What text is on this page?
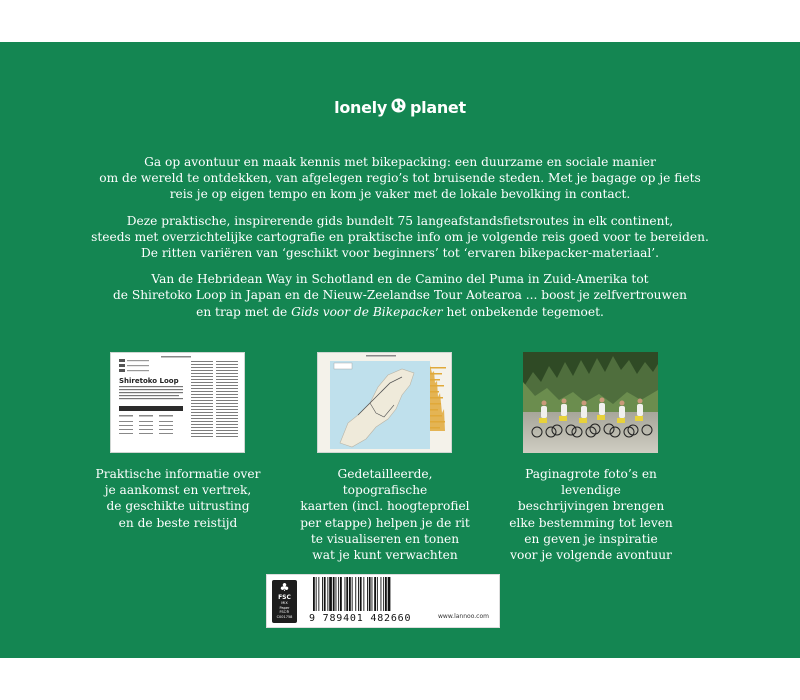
lonely planet

Ga op avontuur en maak kennis met bikepacking: een duurzame en sociale manier
om de wereld te ontdekken, van afgelegen regio’s tot bruisende steden. Met je bagage op je fiets
reis je op eigen tempo en kom je vaker met de lokale bevolking in contact.

Deze praktische, inspirerende gids bundelt 75 langeafstandsfietsroutes in elk continent,
steeds met overzichtelijke cartografie en praktische info om je volgende reis goed voor te bereiden.
De ritten variëren van ‘geschikt voor beginners’ tot ‘ervaren bikepacker-materiaal’.

Van de Hebridean Way in Schotland en de Camino del Puma in Zuid-Amerika tot
de Shiretoko Loop in Japan en de Nieuw-Zeelandse Tour Aotearoa ... boost je zelfvertrouwen
en trap met de Gids voor de Bikepacker het onbekende tegemoet.

Shiretoko Loop
Praktische informatie over
je aankomst en vertrek,
de geschikte uitrusting
en de beste reistijd
Gedetailleerde, topografische
kaarten (incl. hoogteprofiel
per etappe) helpen je de rit
te visualiseren en tonen
wat je kunt verwachten
Paginagrote foto’s en levendige
beschrijvingen brengen
elke bestemming tot leven
en geven je inspiratie
voor je volgende avontuur
♣
FSC
MIX
Paper
FSC® C001758	9 789401 482660	www.lannoo.com
